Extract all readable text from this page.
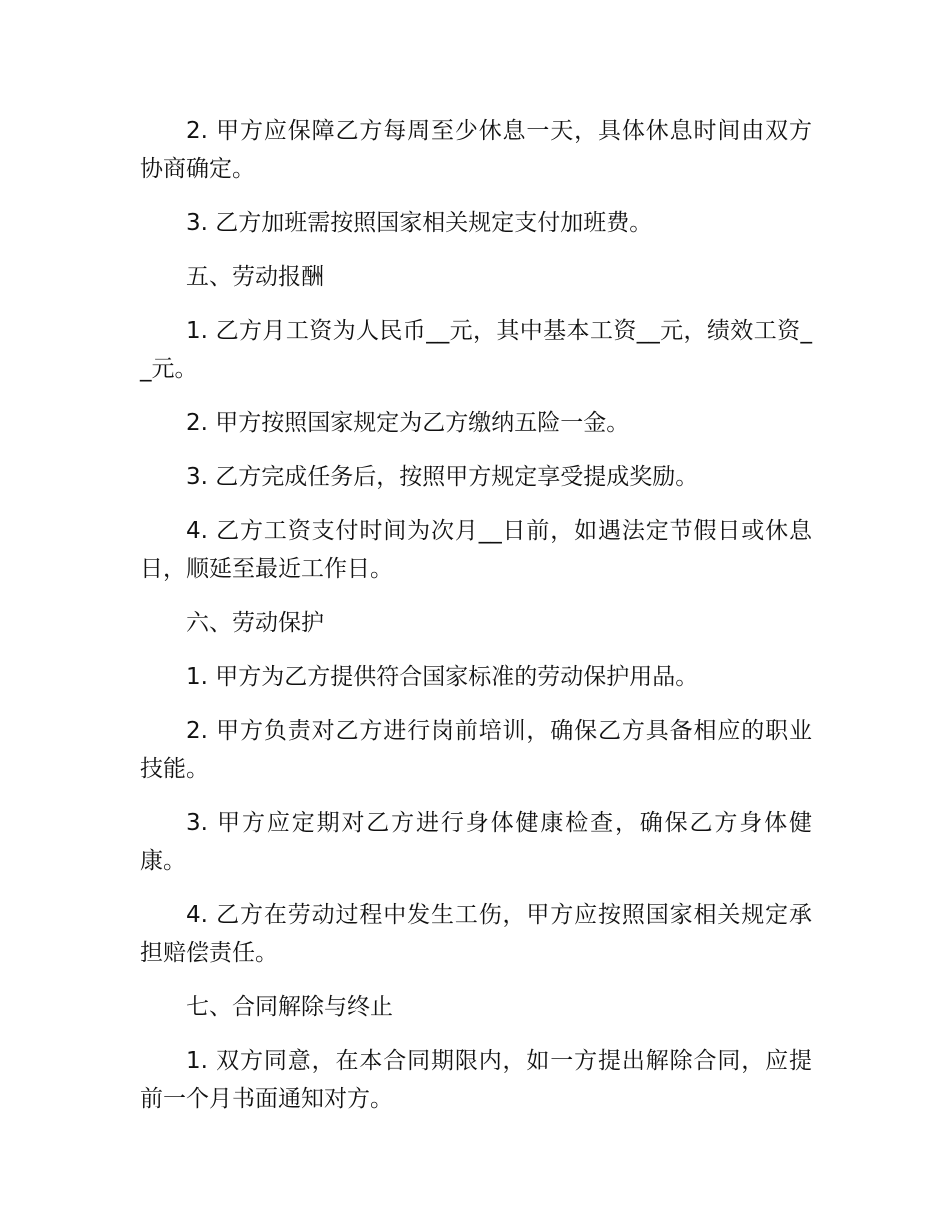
2. 甲方应保障乙方每周至少休息一天，具体休息时间由双方协商确定。

3. 乙方加班需按照国家相关规定支付加班费。

五、劳动报酬

1. 乙方月工资为人民币__元，其中基本工资__元，绩效工资__元。

2. 甲方按照国家规定为乙方缴纳五险一金。

3. 乙方完成任务后，按照甲方规定享受提成奖励。

4. 乙方工资支付时间为次月__日前，如遇法定节假日或休息日，顺延至最近工作日。

六、劳动保护

1. 甲方为乙方提供符合国家标准的劳动保护用品。

2. 甲方负责对乙方进行岗前培训，确保乙方具备相应的职业技能。

3. 甲方应定期对乙方进行身体健康检查，确保乙方身体健康。

4. 乙方在劳动过程中发生工伤，甲方应按照国家相关规定承担赔偿责任。

七、合同解除与终止

1. 双方同意，在本合同期限内，如一方提出解除合同，应提前一个月书面通知对方。
